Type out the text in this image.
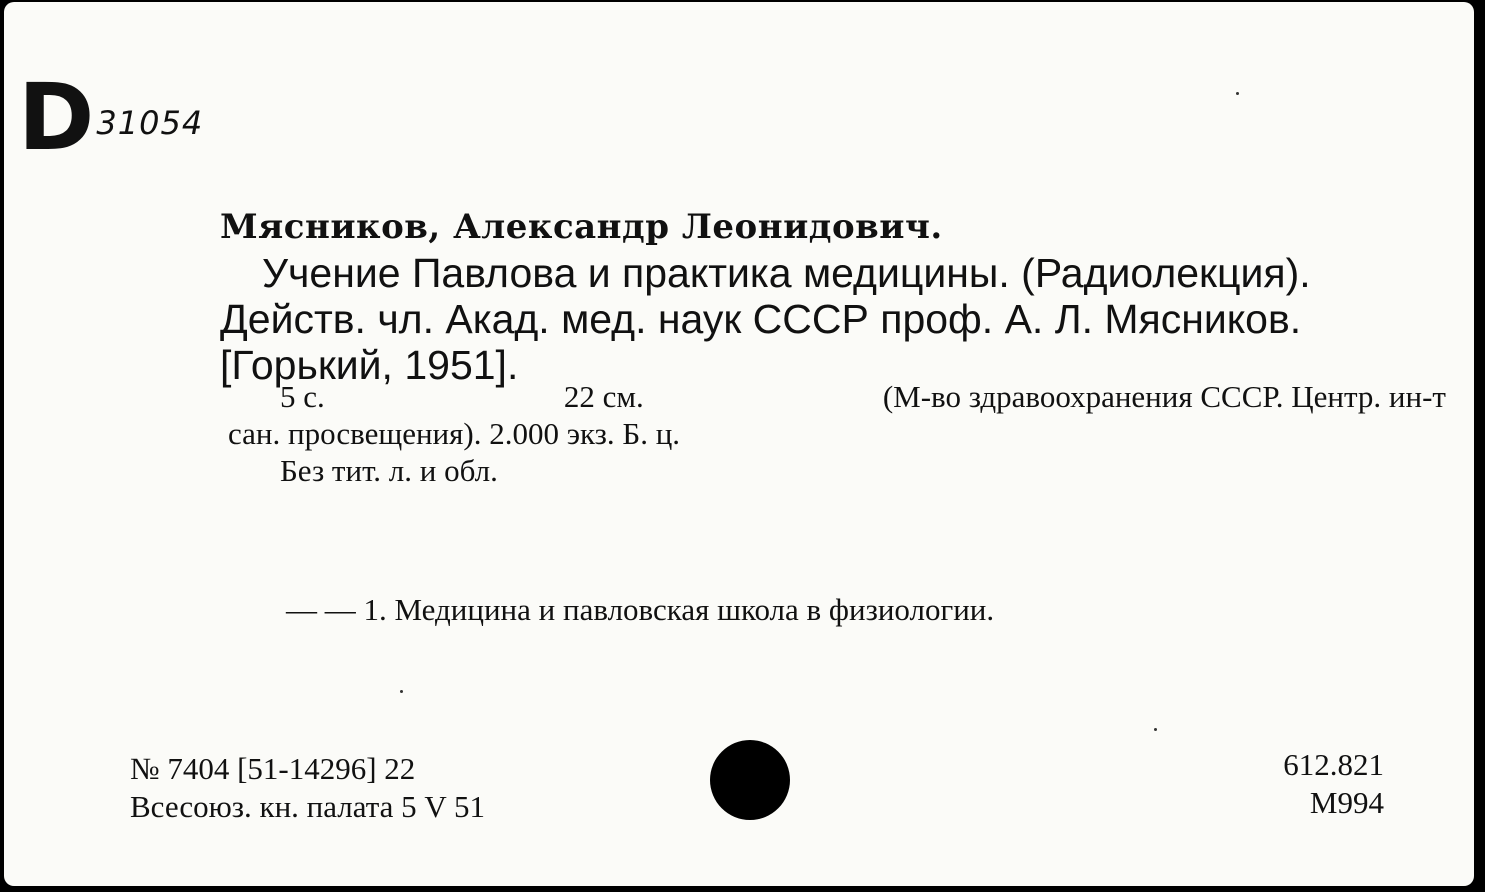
D 31054
Мясников, Александр Леонидович.
Учение Павлова и практика медицины. (Радиолекция).
Действ. чл. Акад. мед. наук СССР проф. А. Л. Мясников.
[Горький, 1951].
5 с.	22 см.	(М-во здравоохранения СССР. Центр. ин-т
сан. просвещения). 2.000 экз. Б. ц.
Без тит. л. и обл.
— — 1. Медицина и павловская школа в физиологии.
№ 7404 [51-14296] 22
Всесоюз. кн. палата 5 V 51
612.821
М994
